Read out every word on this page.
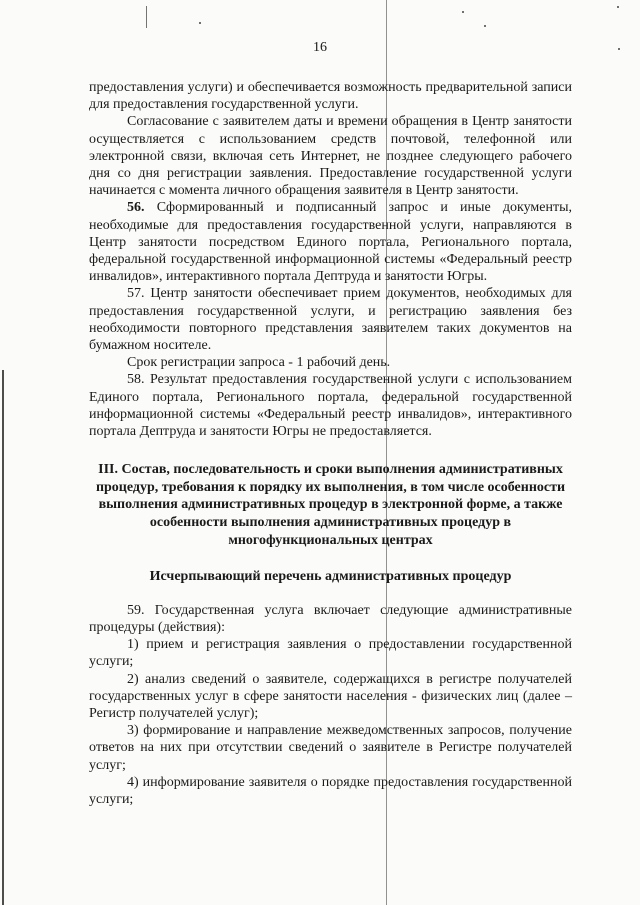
16

предоставления услуги) и обеспечивается возможность предварительной записи для предоставления государственной услуги.

Согласование с заявителем даты и времени обращения в Центр занятости осуществляется с использованием средств почтовой, телефонной или электронной связи, включая сеть Интернет, не позднее следующего рабочего дня со дня регистрации заявления. Предоставление государственной услуги начинается с момента личного обращения заявителя в Центр занятости.

56. Сформированный и подписанный запрос и иные документы, необходимые для предоставления государственной услуги, направляются в Центр занятости посредством Единого портала, Регионального портала, федеральной государственной информационной системы «Федеральный реестр инвалидов», интерактивного портала Дептруда и занятости Югры.

57. Центр занятости обеспечивает прием документов, необходимых для предоставления государственной услуги, и регистрацию заявления без необходимости повторного представления заявителем таких документов на бумажном носителе.

Срок регистрации запроса - 1 рабочий день.

58. Результат предоставления государственной услуги с использованием Единого портала, Регионального портала, федеральной государственной информационной системы «Федеральный реестр инвалидов», интерактивного портала Дептруда и занятости Югры не предоставляется.

III. Состав, последовательность и сроки выполнения административных процедур, требования к порядку их выполнения, в том числе особенности выполнения административных процедур в электронной форме, а также особенности выполнения административных процедур в многофункциональных центрах

Исчерпывающий перечень административных процедур

59. Государственная услуга включает следующие административные процедуры (действия):

1) прием и регистрация заявления о предоставлении государственной услуги;

2) анализ сведений о заявителе, содержащихся в регистре получателей государственных услуг в сфере занятости населения - физических лиц (далее – Регистр получателей услуг);

3) формирование и направление межведомственных запросов, получение ответов на них при отсутствии сведений о заявителе в Регистре получателей услуг;

4) информирование заявителя о порядке предоставления государственной услуги;
